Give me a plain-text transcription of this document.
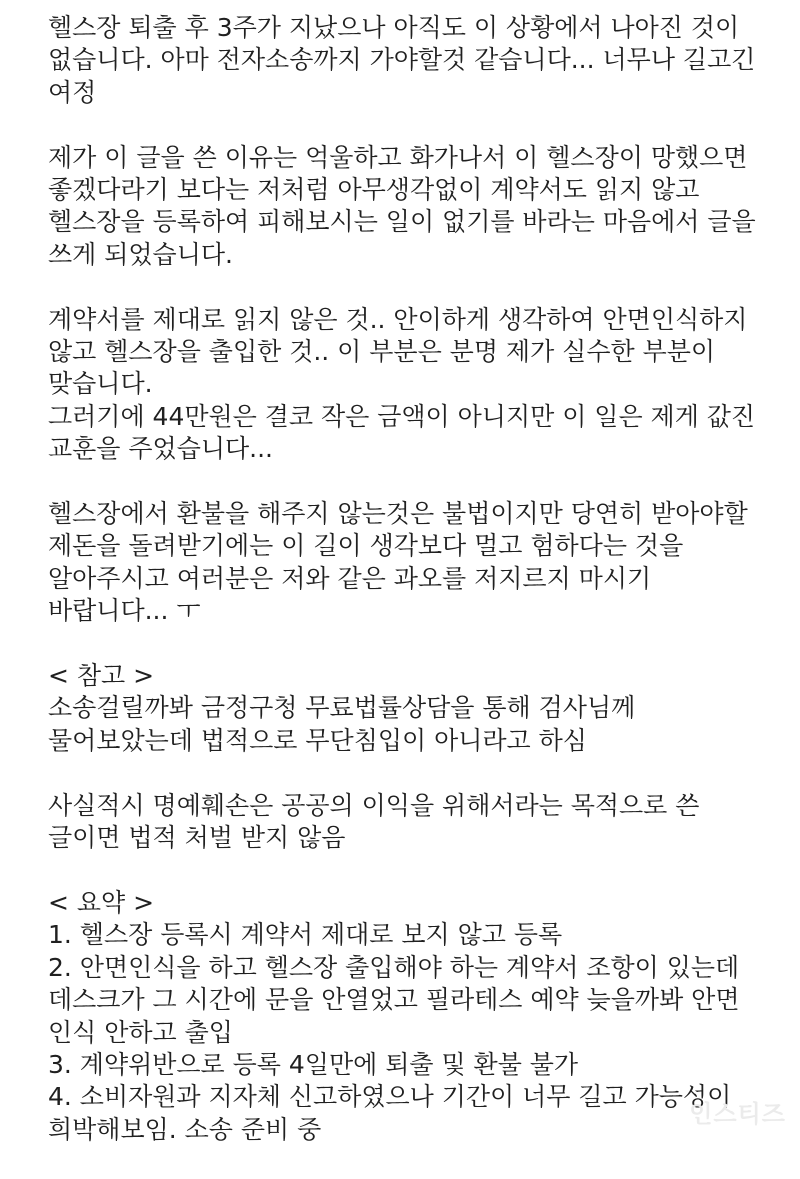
헬스장 퇴출 후 3주가 지났으나 아직도 이 상황에서 나아진 것이
없습니다. 아마 전자소송까지 가야할것 같습니다... 너무나 길고긴
여정
제가 이 글을 쓴 이유는 억울하고 화가나서 이 헬스장이 망했으면
좋겠다라기 보다는 저처럼 아무생각없이 계약서도 읽지 않고
헬스장을 등록하여 피해보시는 일이 없기를 바라는 마음에서 글을
쓰게 되었습니다.
계약서를 제대로 읽지 않은 것.. 안이하게 생각하여 안면인식하지
않고 헬스장을 출입한 것.. 이 부분은 분명 제가 실수한 부분이
맞습니다.
그러기에 44만원은 결코 작은 금액이 아니지만 이 일은 제게 값진
교훈을 주었습니다...
헬스장에서 환불을 해주지 않는것은 불법이지만 당연히 받아야할
제돈을 돌려받기에는 이 길이 생각보다 멀고 험하다는 것을
알아주시고 여러분은 저와 같은 과오를 저지르지 마시기
바랍니다... ㅜ
< 참고 >
소송걸릴까봐 금정구청 무료법률상담을 통해 검사님께
물어보았는데 법적으로 무단침입이 아니라고 하심
사실적시 명예훼손은 공공의 이익을 위해서라는 목적으로 쓴
글이면 법적 처벌 받지 않음
< 요약 >
1. 헬스장 등록시 계약서 제대로 보지 않고 등록
2. 안면인식을 하고 헬스장 출입해야 하는 계약서 조항이 있는데
데스크가 그 시간에 문을 안열었고 필라테스 예약 늦을까봐 안면
인식 안하고 출입
3. 계약위반으로 등록 4일만에 퇴출 및 환불 불가
4. 소비자원과 지자체 신고하였으나 기간이 너무 길고 가능성이
희박해보임. 소송 준비 중
인스티즈
